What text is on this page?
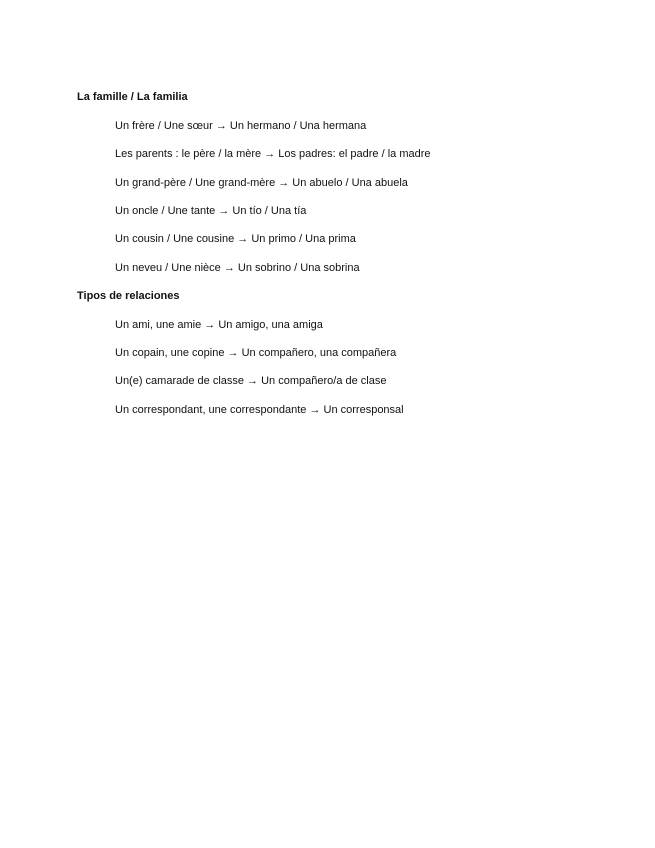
La famille / La familia
Un frère / Une sœur → Un hermano / Una hermana
Les parents : le père / la mère → Los padres: el padre / la madre
Un grand-père / Une grand-mère → Un abuelo / Una abuela
Un oncle / Une tante → Un tío / Una tía
Un cousin / Une cousine → Un primo / Una prima
Un neveu / Une nièce → Un sobrino / Una sobrina
Tipos de relaciones
Un ami, une amie → Un amigo, una amiga
Un copain, une copine → Un compañero, una compañera
Un(e) camarade de classe → Un compañero/a de clase
Un correspondant, une correspondante → Un corresponsal
